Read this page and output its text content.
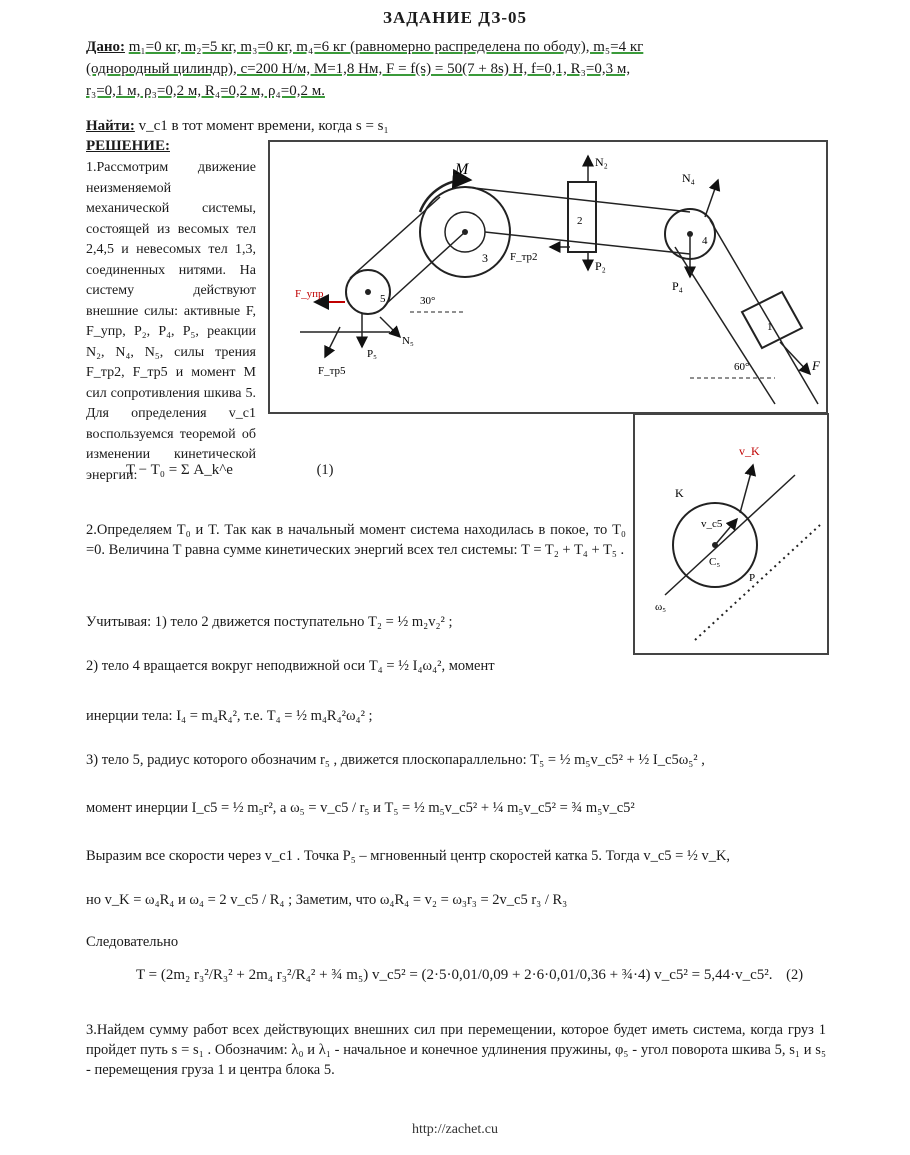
ЗАДАНИЕ ДЗ-05
Дано: m₁=0 кг, m₂=5 кг, m₃=0 кг, m₄=6 кг (равномерно распределена по ободу), m₅=4 кг
(однородный цилиндр), c=200 Н/м, M=1,8 Нм, F = f(s) = 50(7 + 8s) Н, f=0,1, R₃=0,3 м,
r₃=0,1 м, ρ₃=0,2 м, R₄=0,2 м, ρ₄=0,2 м.
Найти: v_c1 в тот момент времени, когда s = s₁
РЕШЕНИЕ:
1.Рассмотрим движение неизменяемой механической системы, состоящей из весомых тел 2,4,5 и невесомых тел 1,3, соединенных нитями. На систему действуют внешние силы: активные F, F_упр, P₂, P₄, P₅, реакции N₂, N₄, N₅, силы трения F_тр2, F_тр5 и момент M сил сопротивления шкива 5. Для определения v_c1 воспользуемся теоремой об изменении кинетической энергии:
M
3
2
N₂
P₂
F_тр2
4
N₄
P₄
1
F
60°
5	30°
F_упр
N₅
P₅
F_тр5
v_K
v_c5
K
C₅
P
ω₅
T − T₀ = Σ A_k^e	(1)
2.Определяем T₀ и T. Так как в начальный момент система находилась в покое, то T₀ =0. Величина T равна сумме кинетических энергий всех тел системы: T = T₂ + T₄ + T₅ .
Учитывая: 1) тело 2 движется поступательно T₂ = ½ m₂v₂² ;
2) тело 4 вращается вокруг неподвижной оси T₄ = ½ I₄ω₄², момент
инерции тела: I₄ = m₄R₄², т.е. T₄ = ½ m₄R₄²ω₄² ;
3) тело 5, радиус которого обозначим r₅ , движется плоскопараллельно: T₅ = ½ m₅v_c5² + ½ I_c5ω₅² ,
момент инерции I_c5 = ½ m₅r², а ω₅ = v_c5 / r₅ и T₅ = ½ m₅v_c5² + ¼ m₅v_c5² = ¾ m₅v_c5²
Выразим все скорости через v_c1 . Точка P₅ – мгновенный центр скоростей катка 5. Тогда v_c5 = ½ v_K,
но v_K = ω₄R₄ и ω₄ = 2 v_c5 / R₄ ; Заметим, что ω₄R₄ = v₂ = ω₃r₃ = 2v_c5 r₃ / R₃
Следовательно
T = (2m₂ r₃²/R₃² + 2m₄ r₃²/R₄² + ¾ m₅) v_c5² = (2·5·0,01/0,09 + 2·6·0,01/0,36 + ¾·4) v_c5² = 5,44·v_c5². (2)
3.Найдем сумму работ всех действующих внешних сил при перемещении, которое будет иметь система, когда груз 1 пройдет путь s = s₁ . Обозначим: λ₀ и λ₁ - начальное и конечное удлинения пружины, φ₅ - угол поворота шкива 5, s₁ и s₅ - перемещения груза 1 и центра блока 5.
http://zachet.cu
